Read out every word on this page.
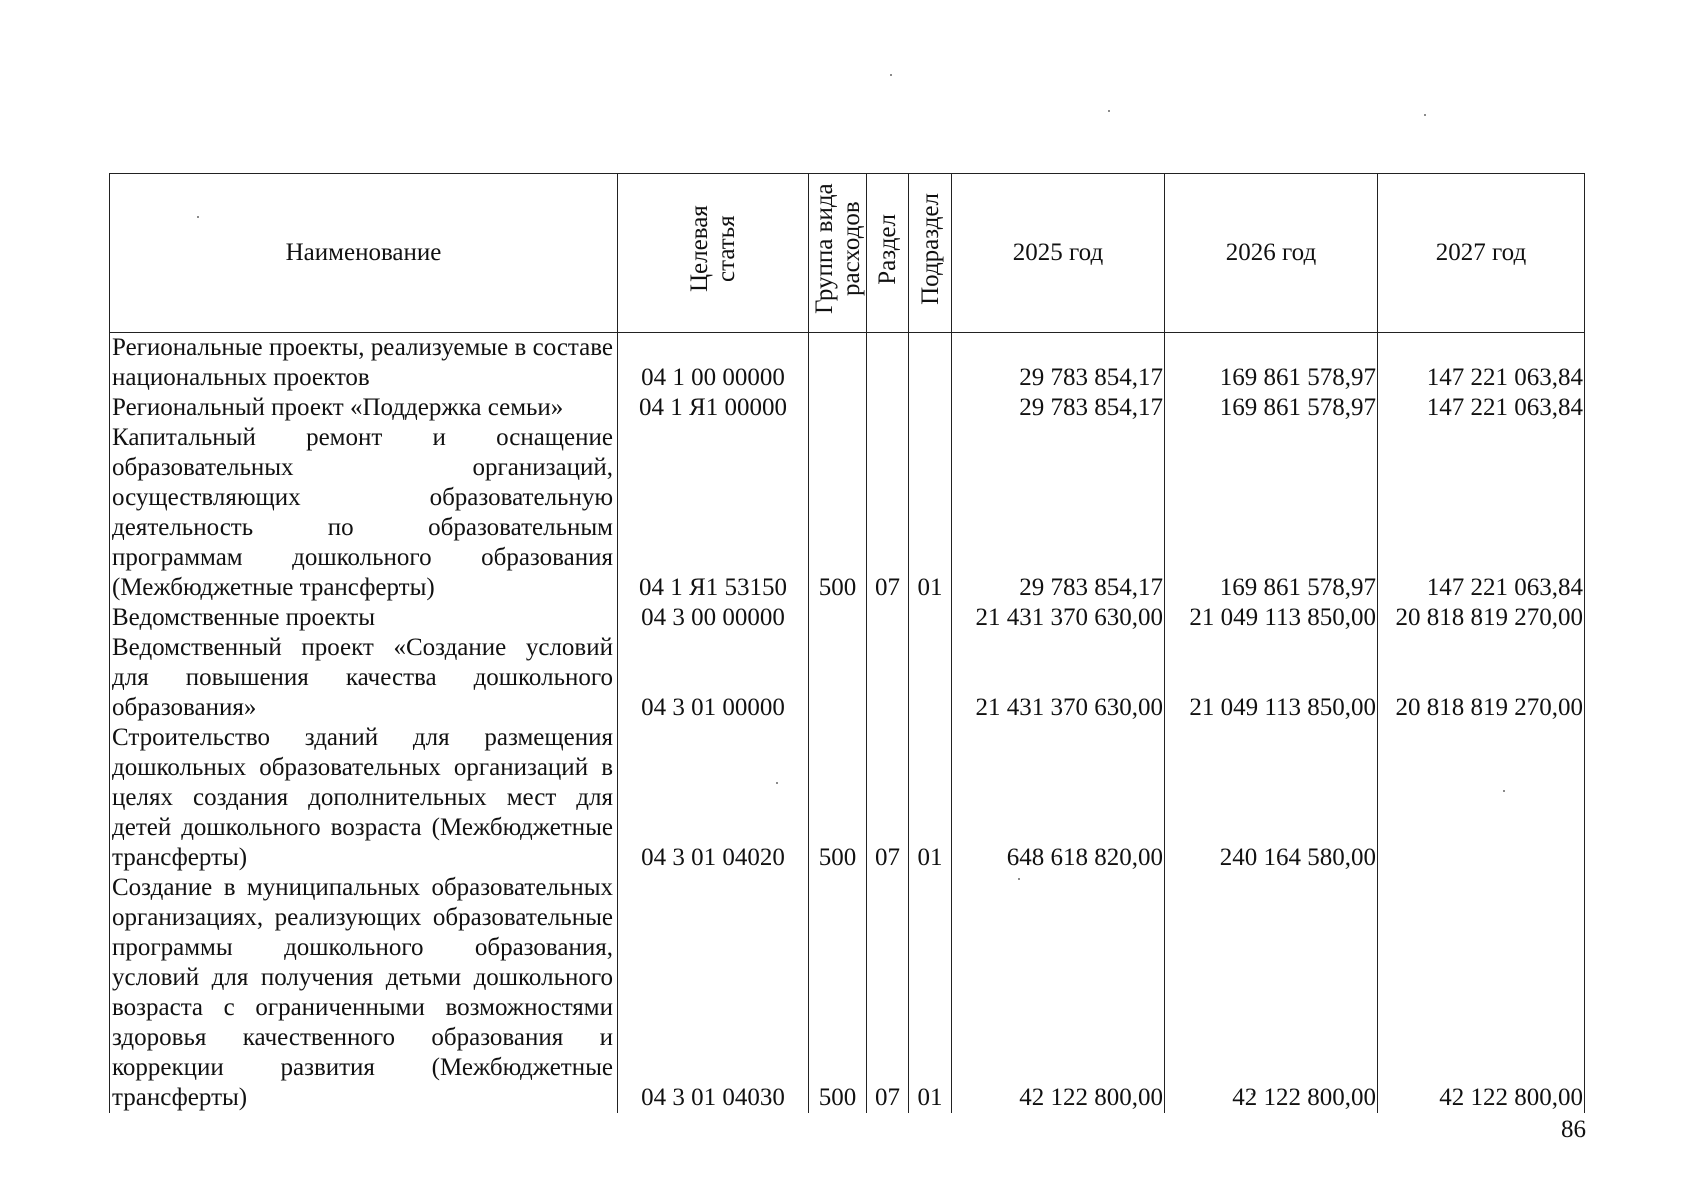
Наименование	Целевая статья	Группа вида расходов	Раздел	Подраздел	2025 год	2026 год	2027 год
Региональные проекты, реализуемые в составе национальных проектов	04 1 00 00000				29 783 854,17	169 861 578,97	147 221 063,84
Региональный проект «Поддержка семьи»	04 1 Я1 00000				29 783 854,17	169 861 578,97	147 221 063,84
Капитальный ремонт и оснащение образовательных организаций, осуществляющих образовательную деятельность по образовательным программам дошкольного образования (Межбюджетные трансферты)	04 1 Я1 53150	500	07	01	29 783 854,17	169 861 578,97	147 221 063,84
Ведомственные проекты	04 3 00 00000				21 431 370 630,00	21 049 113 850,00	20 818 819 270,00
Ведомственный проект «Создание условий для повышения качества дошкольного образования»	04 3 01 00000				21 431 370 630,00	21 049 113 850,00	20 818 819 270,00
Строительство зданий для размещения дошкольных образовательных организаций в целях создания дополнительных мест для детей дошкольного возраста (Межбюджетные трансферты)	04 3 01 04020	500	07	01	648 618 820,00	240 164 580,00	
Создание в муниципальных образовательных организациях, реализующих образовательные программы дошкольного образования, условий для получения детьми дошкольного возраста с ограниченными возможностями здоровья качественного образования и коррекции развития (Межбюджетные трансферты)	04 3 01 04030	500	07	01	42 122 800,00	42 122 800,00	42 122 800,00
86
